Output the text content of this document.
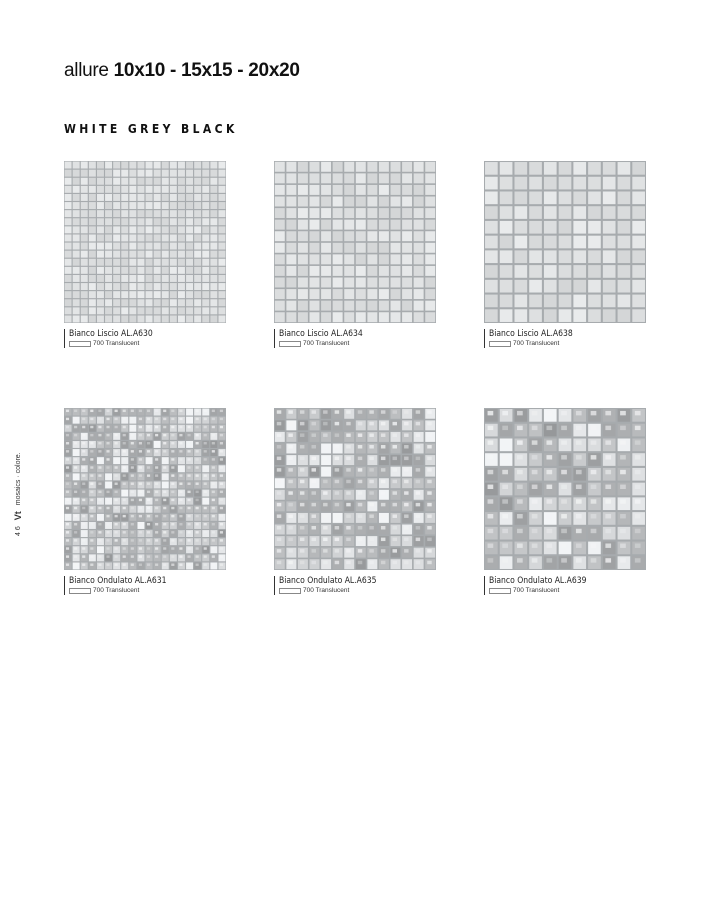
allure 10x10 - 15x15 - 20x20
WHITE GREY BLACK
4 6
Vt
mosaics · colore.
Bianco Liscio AL.A630
700 Translucent
Bianco Liscio AL.A634
700 Translucent
Bianco Liscio AL.A638
700 Translucent
Bianco Ondulato AL.A631
700 Translucent
Bianco Ondulato AL.A635
700 Translucent
Bianco Ondulato AL.A639
700 Translucent
